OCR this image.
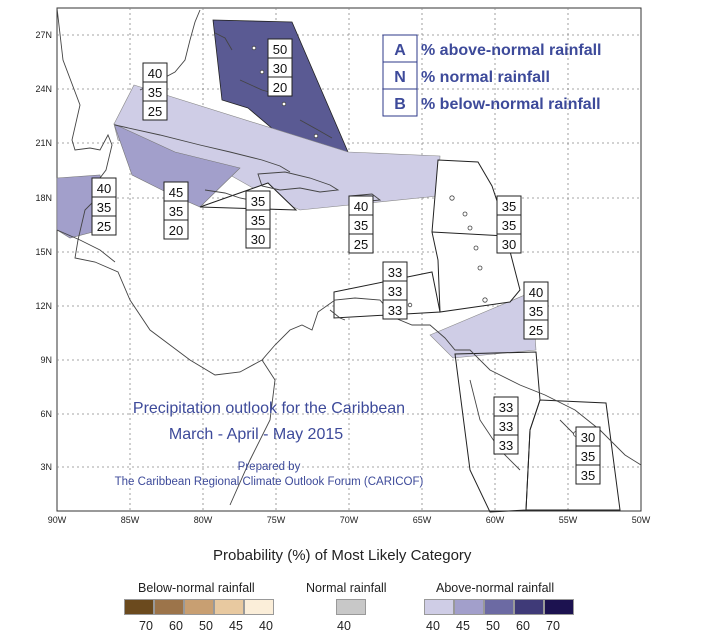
27N
24N
21N
18N
15N
12N
9N
6N
3N
90W	85W	80W	75W	70W	65W	60W	55W	50W
A % above-normal rainfall
N % normal rainfall
B % below-normal rainfall
Precipitation outlook for the Caribbean
March - April - May 2015
Prepared by
The Caribbean Regional Climate Outlook Forum (CARICOF)
50
30
20
40
35
25
45
35
20
40
35
25
35
35
30
40
35
25
35
35
30
33
33
33
40
35
25
33
33
33
30
35
35
Probability (%) of Most Likely Category
Below-normal rainfall	Normal rainfall	Above-normal rainfall
70	60	50	45	40	40	40	45	50	60	70
